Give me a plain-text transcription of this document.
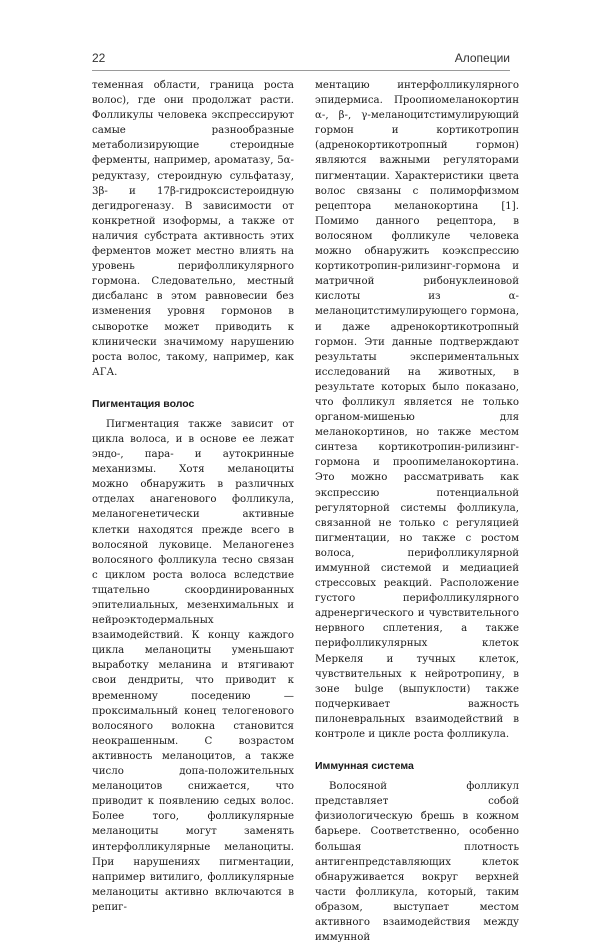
22	Алопеции

теменная области, граница роста волос), где они продолжат расти. Фолликулы человека экспрессируют самые разнообразные метаболизирующие стероидные ферменты, например, ароматазу, 5α-редуктазу, стероидную сульфатазу, 3β- и 17β-гидроксистероидную дегидрогеназу. В зависимости от конкретной изоформы, а также от наличия субстрата активность этих ферментов может местно влиять на уровень перифолликулярного гормона. Следовательно, местный дисбаланс в этом равновесии без изменения уровня гормонов в сыворотке может приводить к клинически значимому нарушению роста волос, такому, например, как АГА.

Пигментация волос

Пигментация также зависит от цикла волоса, и в основе ее лежат эндо-, пара- и аутокринные механизмы. Хотя меланоциты можно обнаружить в различных отделах анагенового фолликула, меланогенетически активные клетки находятся прежде всего в волосяной луковице. Меланогенез волосяного фолликула тесно связан с циклом роста волоса вследствие тщательно скоординированных эпителиальных, мезенхимальных и нейроэктодермальных взаимодействий. К концу каждого цикла меланоциты уменьшают выработку меланина и втягивают свои дендриты, что приводит к временному поседению — проксимальный конец телогенового волосяного волокна становится неокрашенным. С возрастом активность меланоцитов, а также число допа-положительных меланоцитов снижается, что приводит к появлению седых волос. Более того, фолликулярные меланоциты могут заменять интерфолликулярные меланоциты. При нарушениях пигментации, например витилиго, фолликулярные меланоциты активно включаются в репиг-

ментацию интерфолликулярного эпидермиса. Проопиомеланокортин α-, β-, γ-меланоцитстимулирующий гормон и кортикотропин (адренокортикотропный гормон) являются важными регуляторами пигментации. Характеристики цвета волос связаны с полиморфизмом рецептора меланокортина [1]. Помимо данного рецептора, в волосяном фолликуле человека можно обнаружить коэкспрессию кортикотропин-рилизинг-гормона и матричной рибонуклеиновой кислоты из α-меланоцитстимулирующего гормона, и даже адренокортикотропный гормон. Эти данные подтверждают результаты экспериментальных исследований на животных, в результате которых было показано, что фолликул является не только органом-мишенью для меланокортинов, но также местом синтеза кортикотропин-рилизинг-гормона и проопимеланокортина. Это можно рассматривать как экспрессию потенциальной регуляторной системы фолликула, связанной не только с регуляцией пигментации, но также с ростом волоса, перифолликулярной иммунной системой и медиацией стрессовых реакций. Расположение густого перифолликулярного адренергического и чувствительного нервного сплетения, а также перифолликулярных клеток Меркеля и тучных клеток, чувствительных к нейротропину, в зоне bulge (выпуклости) также подчеркивает важность пилоневральных взаимодействий в контроле и цикле роста фолликула.

Иммунная система

Волосяной фолликул представляет собой физиологическую брешь в кожном барьере. Соответственно, особенно большая плотность антигенпредставляющих клеток обнаруживается вокруг верхней части фолликула, который, таким образом, выступает местом активного взаимодействия между иммунной
